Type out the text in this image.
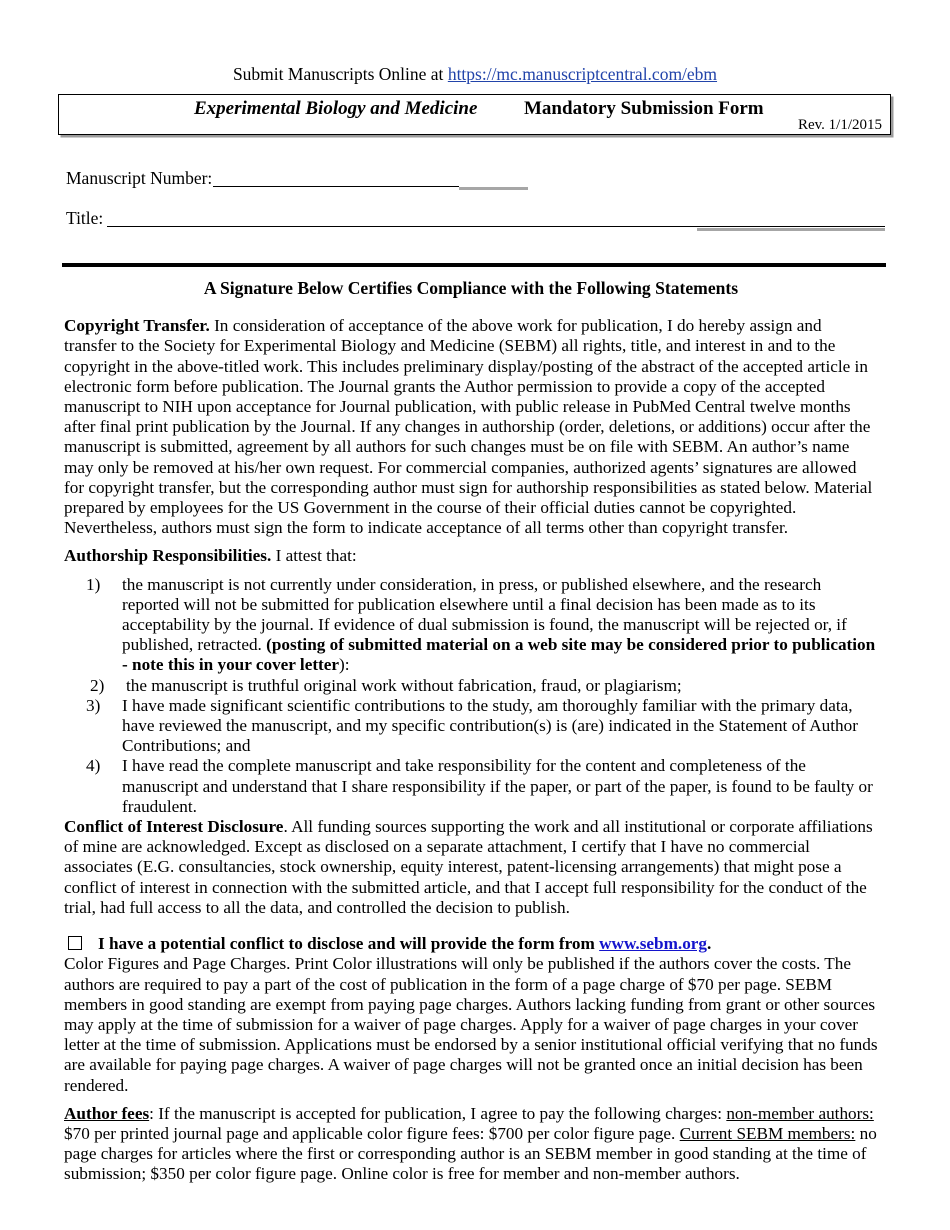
Submit Manuscripts Online at https://mc.manuscriptcentral.com/ebm
Experimental Biology and Medicine Mandatory Submission Form
Rev. 1/1/2015
Manuscript Number:
Title:
A Signature Below Certifies Compliance with the Following Statements

Copyright Transfer. In consideration of acceptance of the above work for publication, I do hereby assign and transfer to the Society for Experimental Biology and Medicine (SEBM) all rights, title, and interest in and to the copyright in the above-titled work. This includes preliminary display/posting of the abstract of the accepted article in electronic form before publication. The Journal grants the Author permission to provide a copy of the accepted manuscript to NIH upon acceptance for Journal publication, with public release in PubMed Central twelve months after final print publication by the Journal. If any changes in authorship (order, deletions, or additions) occur after the manuscript is submitted, agreement by all authors for such changes must be on file with SEBM. An author’s name may only be removed at his/her own request. For commercial companies, authorized agents’ signatures are allowed for copyright transfer, but the corresponding author must sign for authorship responsibilities as stated below. Material prepared by employees for the US Government in the course of their official duties cannot be copyrighted. Nevertheless, authors must sign the form to indicate acceptance of all terms other than copyright transfer.

Authorship Responsibilities. I attest that:

1)	the manuscript is not currently under consideration, in press, or published elsewhere, and the research reported will not be submitted for publication elsewhere until a final decision has been made as to its acceptability by the journal. If evidence of dual submission is found, the manuscript will be rejected or, if published, retracted. (posting of submitted material on a web site may be considered prior to publication - note this in your cover letter):
2)	the manuscript is truthful original work without fabrication, fraud, or plagiarism;
3)	I have made significant scientific contributions to the study, am thoroughly familiar with the primary data, have reviewed the manuscript, and my specific contribution(s) is (are) indicated in the Statement of Author Contributions; and
4)	I have read the complete manuscript and take responsibility for the content and completeness of the manuscript and understand that I share responsibility if the paper, or part of the paper, is found to be faulty or fraudulent.

Conflict of Interest Disclosure. All funding sources supporting the work and all institutional or corporate affiliations of mine are acknowledged. Except as disclosed on a separate attachment, I certify that I have no commercial associates (E.G. consultancies, stock ownership, equity interest, patent-licensing arrangements) that might pose a conflict of interest in connection with the submitted article, and that I accept full responsibility for the conduct of the trial, had full access to all the data, and controlled the decision to publish.

I have a potential conflict to disclose and will provide the form from www.sebm.org.

Color Figures and Page Charges. Print Color illustrations will only be published if the authors cover the costs. The authors are required to pay a part of the cost of publication in the form of a page charge of $70 per page. SEBM members in good standing are exempt from paying page charges. Authors lacking funding from grant or other sources may apply at the time of submission for a waiver of page charges. Apply for a waiver of page charges in your cover letter at the time of submission. Applications must be endorsed by a senior institutional official verifying that no funds are available for paying page charges. A waiver of page charges will not be granted once an initial decision has been rendered.

Author fees: If the manuscript is accepted for publication, I agree to pay the following charges: non-member authors: $70 per printed journal page and applicable color figure fees: $700 per color figure page. Current SEBM members: no page charges for articles where the first or corresponding author is an SEBM member in good standing at the time of submission; $350 per color figure page. Online color is free for member and non-member authors.
